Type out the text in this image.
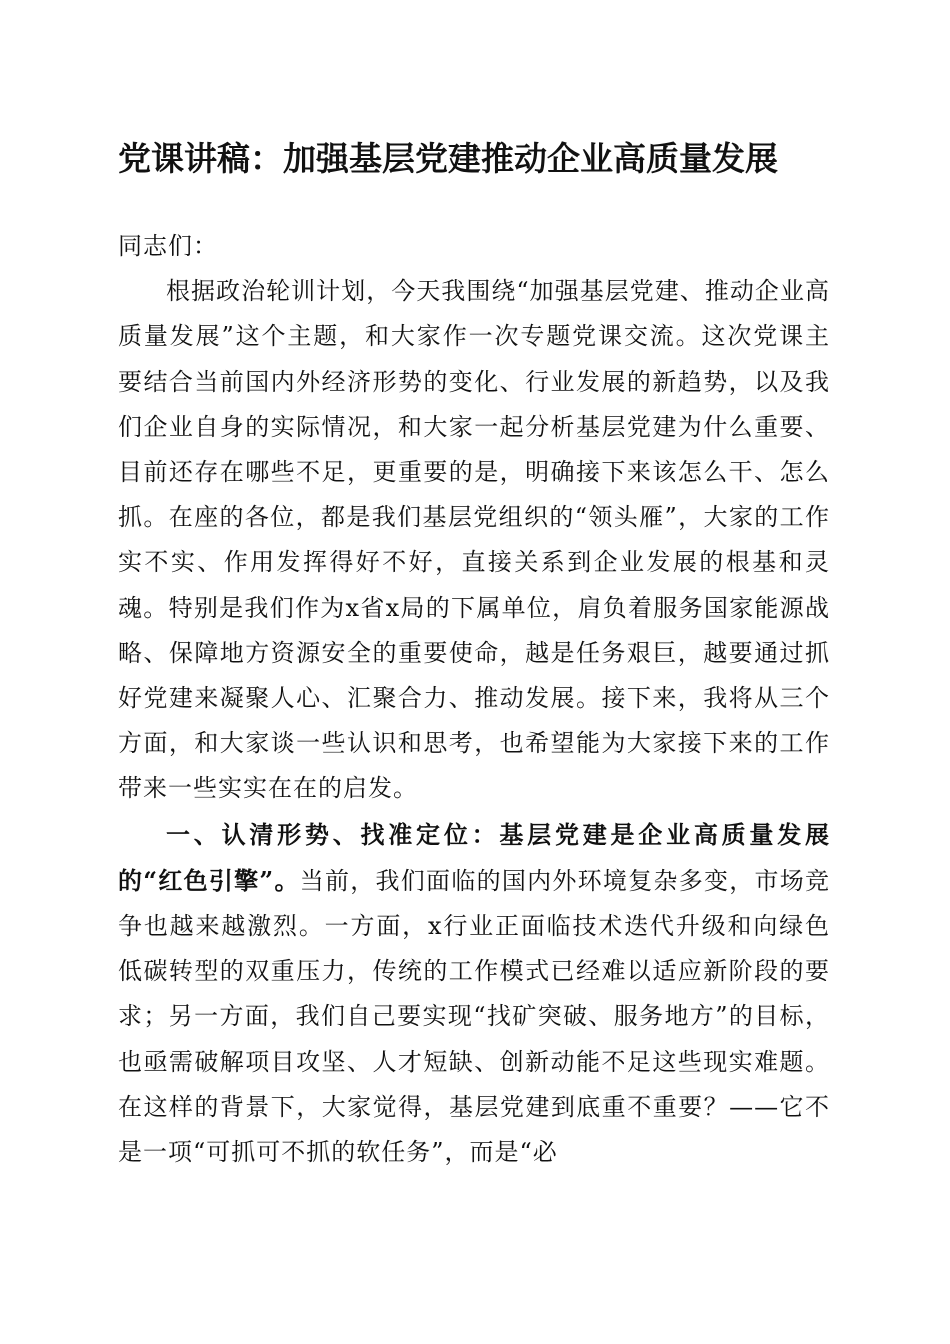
党课讲稿：加强基层党建推动企业高质量发展

同志们：

根据政治轮训计划，今天我围绕“加强基层党建、推动企业高质量发展”这个主题，和大家作一次专题党课交流。这次党课主要结合当前国内外经济形势的变化、行业发展的新趋势，以及我们企业自身的实际情况，和大家一起分析基层党建为什么重要、目前还存在哪些不足，更重要的是，明确接下来该怎么干、怎么抓。在座的各位，都是我们基层党组织的“领头雁”，大家的工作实不实、作用发挥得好不好，直接关系到企业发展的根基和灵魂。特别是我们作为x省x局的下属单位，肩负着服务国家能源战略、保障地方资源安全的重要使命，越是任务艰巨，越要通过抓好党建来凝聚人心、汇聚合力、推动发展。接下来，我将从三个方面，和大家谈一些认识和思考，也希望能为大家接下来的工作带来一些实实在在的启发。

一、认清形势、找准定位：基层党建是企业高质量发展的“红色引擎”。当前，我们面临的国内外环境复杂多变，市场竞争也越来越激烈。一方面，x行业正面临技术迭代升级和向绿色低碳转型的双重压力，传统的工作模式已经难以适应新阶段的要求；另一方面，我们自己要实现“找矿突破、服务地方”的目标，也亟需破解项目攻坚、人才短缺、创新动能不足这些现实难题。在这样的背景下，大家觉得，基层党建到底重不重要？——它不是一项“可抓可不抓的软任务”，而是“必
